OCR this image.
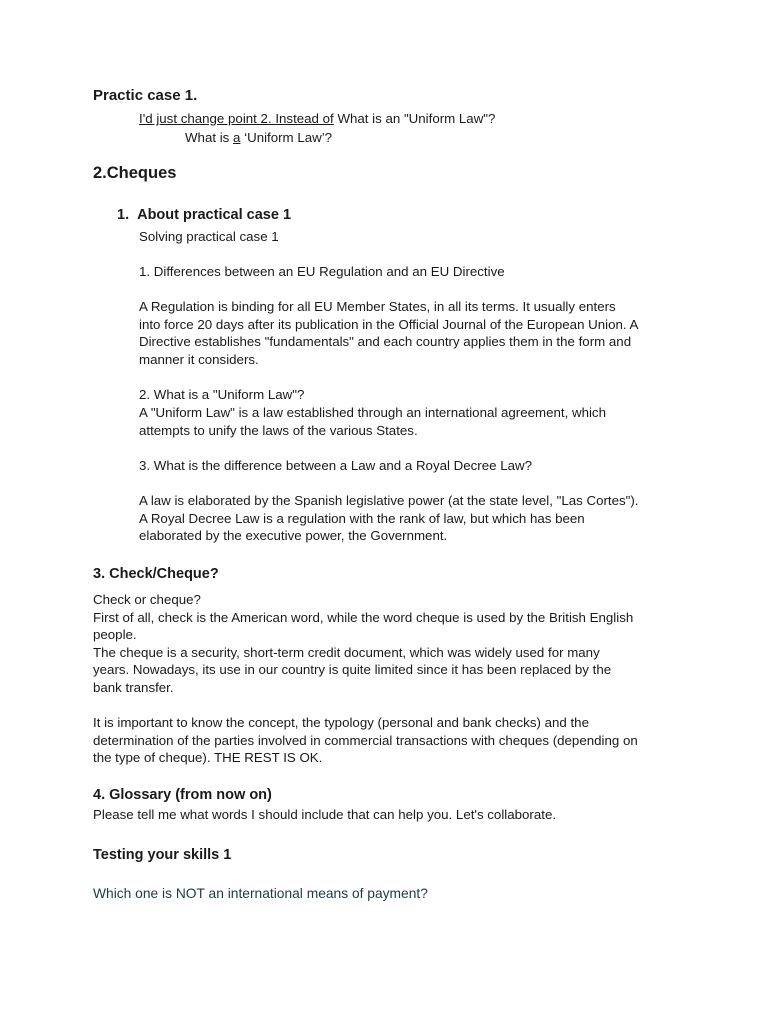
Practic case 1.
I'd just change point 2. Instead of What is an "Uniform Law"?
What is a ‘Uniform Law’?
2.Cheques
1. About practical case 1
Solving practical case 1
1. Differences between an EU Regulation and an EU Directive
A Regulation is binding for all EU Member States, in all its terms. It usually enters
into force 20 days after its publication in the Official Journal of the European Union. A
Directive establishes "fundamentals" and each country applies them in the form and
manner it considers.
2. What is a "Uniform Law"?
A "Uniform Law" is a law established through an international agreement, which
attempts to unify the laws of the various States.
3. What is the difference between a Law and a Royal Decree Law?
A law is elaborated by the Spanish legislative power (at the state level, "Las Cortes").
A Royal Decree Law is a regulation with the rank of law, but which has been
elaborated by the executive power, the Government.
3. Check/Cheque?
Check or cheque?
First of all, check is the American word, while the word cheque is used by the British English
people.
The cheque is a security, short-term credit document, which was widely used for many
years. Nowadays, its use in our country is quite limited since it has been replaced by the
bank transfer.
It is important to know the concept, the typology (personal and bank checks) and the
determination of the parties involved in commercial transactions with cheques (depending on
the type of cheque). THE REST IS OK.
4. Glossary (from now on)
Please tell me what words I should include that can help you. Let's collaborate.
Testing your skills 1
Which one is NOT an international means of payment?
